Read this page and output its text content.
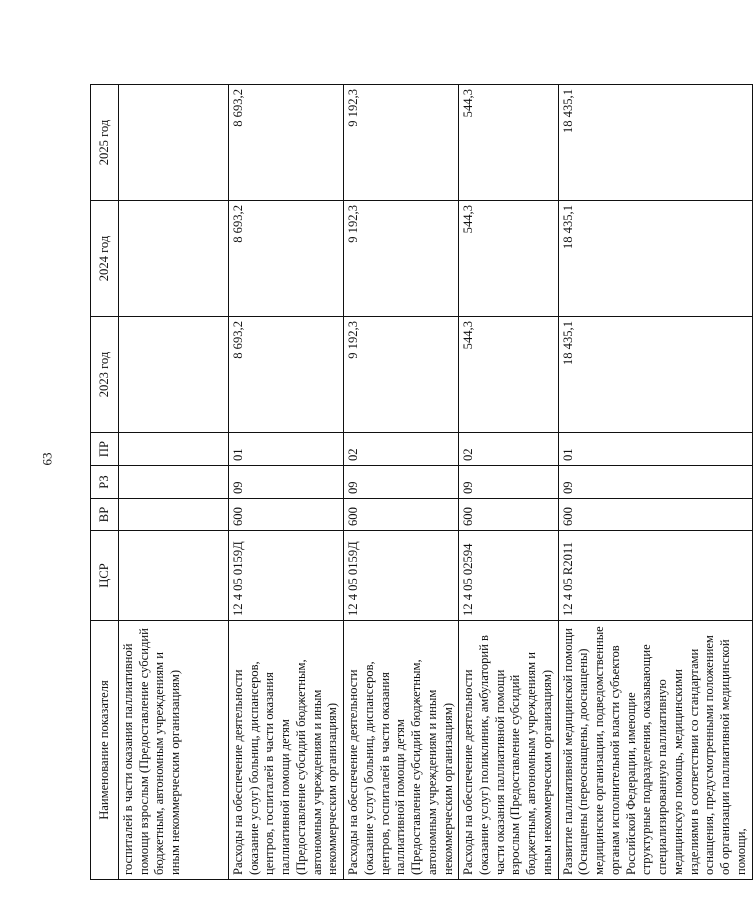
63
Наименование показателя	ЦСР	ВР	РЗ	ПР	2023 год	2024 год	2025 год
госпиталей в части оказания паллиативной помощи взрослым (Предоставление субсидий бюджетным, автономным учреждениям и иным некоммерческим организациям)							
Расходы на обеспечение деятельности (оказание услуг) больниц, диспансеров, центров, госпиталей в части оказания паллиативной помощи детям (Предоставление субсидий бюджетным, автономным учреждениям и иным некоммерческим организациям)	12 4 05 0159Д	600	09	01	8 693,2	8 693,2	8 693,2
Расходы на обеспечение деятельности (оказание услуг) больниц, диспансеров, центров, госпиталей в части оказания паллиативной помощи детям (Предоставление субсидий бюджетным, автономным учреждениям и иным некоммерческим организациям)	12 4 05 0159Д	600	09	02	9 192,3	9 192,3	9 192,3
Расходы на обеспечение деятельности (оказание услуг) поликлиник, амбулаторий в части оказания паллиативной помощи взрослым (Предоставление субсидий бюджетным, автономным учреждениям и иным некоммерческим организациям)	12 4 05 02594	600	09	02	544,3	544,3	544,3
Развитие паллиативной медицинской помощи (Оснащены (переоснащены, дооснащены) медицинские организации, подведомственные органам исполнительной власти субъектов Российской Федерации, имеющие структурные подразделения, оказывающие специализированную паллиативную медицинскую помощь, медицинскими изделиями в соответствии со стандартами оснащения, предусмотренными положением об организации паллиативной медицинской помощи,	12 4 05 R2011	600	09	01	18 435,1	18 435,1	18 435,1
